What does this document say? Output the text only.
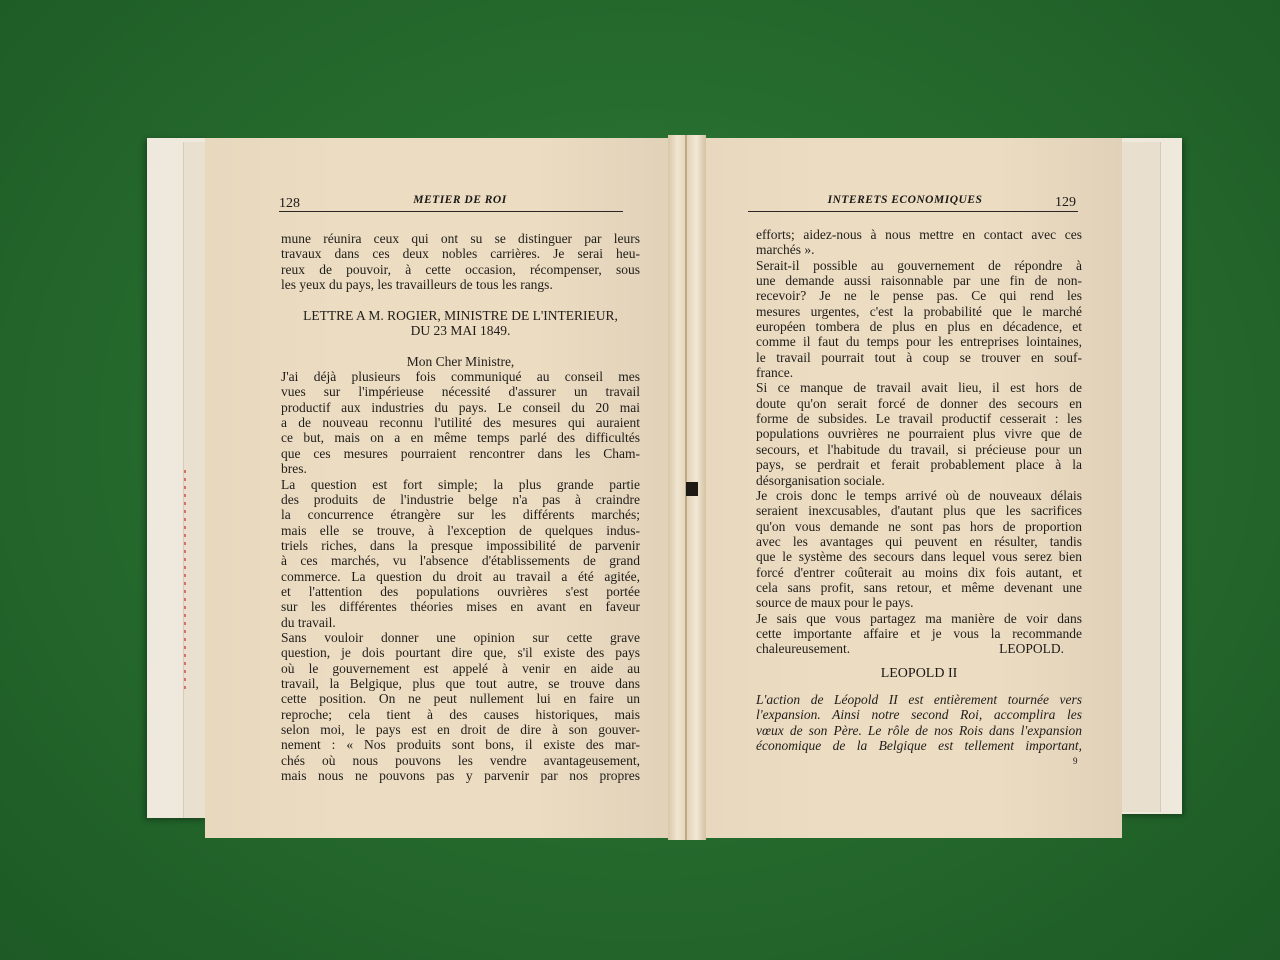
128	METIER DE ROI
mune réunira ceux qui ont su se distinguer par leurs
travaux dans ces deux nobles carrières. Je serai heu-
reux de pouvoir, à cette occasion, récompenser, sous
les yeux du pays, les travailleurs de tous les rangs.

LETTRE A M. ROGIER, MINISTRE DE L'INTERIEUR,
DU 23 MAI 1849.

Mon Cher Ministre,
J'ai déjà plusieurs fois communiqué au conseil mes
vues sur l'impérieuse nécessité d'assurer un travail
productif aux industries du pays. Le conseil du 20 mai
a de nouveau reconnu l'utilité des mesures qui auraient
ce but, mais on a en même temps parlé des difficultés
que ces mesures pourraient rencontrer dans les Cham-
bres.
La question est fort simple; la plus grande partie
des produits de l'industrie belge n'a pas à craindre
la concurrence étrangère sur les différents marchés;
mais elle se trouve, à l'exception de quelques indus-
triels riches, dans la presque impossibilité de parvenir
à ces marchés, vu l'absence d'établissements de grand
commerce. La question du droit au travail a été agitée,
et l'attention des populations ouvrières s'est portée
sur les différentes théories mises en avant en faveur
du travail.
Sans vouloir donner une opinion sur cette grave
question, je dois pourtant dire que, s'il existe des pays
où le gouvernement est appelé à venir en aide au
travail, la Belgique, plus que tout autre, se trouve dans
cette position. On ne peut nullement lui en faire un
reproche; cela tient à des causes historiques, mais
selon moi, le pays est en droit de dire à son gouver-
nement : « Nos produits sont bons, il existe des mar-
chés où nous pouvons les vendre avantageusement,
mais nous ne pouvons pas y parvenir par nos propres
INTERETS ECONOMIQUES	129
efforts; aidez-nous à nous mettre en contact avec ces
marchés ».
Serait-il possible au gouvernement de répondre à
une demande aussi raisonnable par une fin de non-
recevoir? Je ne le pense pas. Ce qui rend les
mesures urgentes, c'est la probabilité que le marché
européen tombera de plus en plus en décadence, et
comme il faut du temps pour les entreprises lointaines,
le travail pourrait tout à coup se trouver en souf-
france.
Si ce manque de travail avait lieu, il est hors de
doute qu'on serait forcé de donner des secours en
forme de subsides. Le travail productif cesserait : les
populations ouvrières ne pourraient plus vivre que de
secours, et l'habitude du travail, si précieuse pour un
pays, se perdrait et ferait probablement place à la
désorganisation sociale.
Je crois donc le temps arrivé où de nouveaux délais
seraient inexcusables, d'autant plus que les sacrifices
qu'on vous demande ne sont pas hors de proportion
avec les avantages qui peuvent en résulter, tandis
que le système des secours dans lequel vous serez bien
forcé d'entrer coûterait au moins dix fois autant, et
cela sans profit, sans retour, et même devenant une
source de maux pour le pays.
Je sais que vous partagez ma manière de voir dans
cette importante affaire et je vous la recommande
chaleureusement.	LEOPOLD.
LEOPOLD II
L'action de Léopold II est entièrement tournée vers
l'expansion. Ainsi notre second Roi, accomplira les
vœux de son Père. Le rôle de nos Rois dans l'expansion
économique de la Belgique est tellement important,
9
